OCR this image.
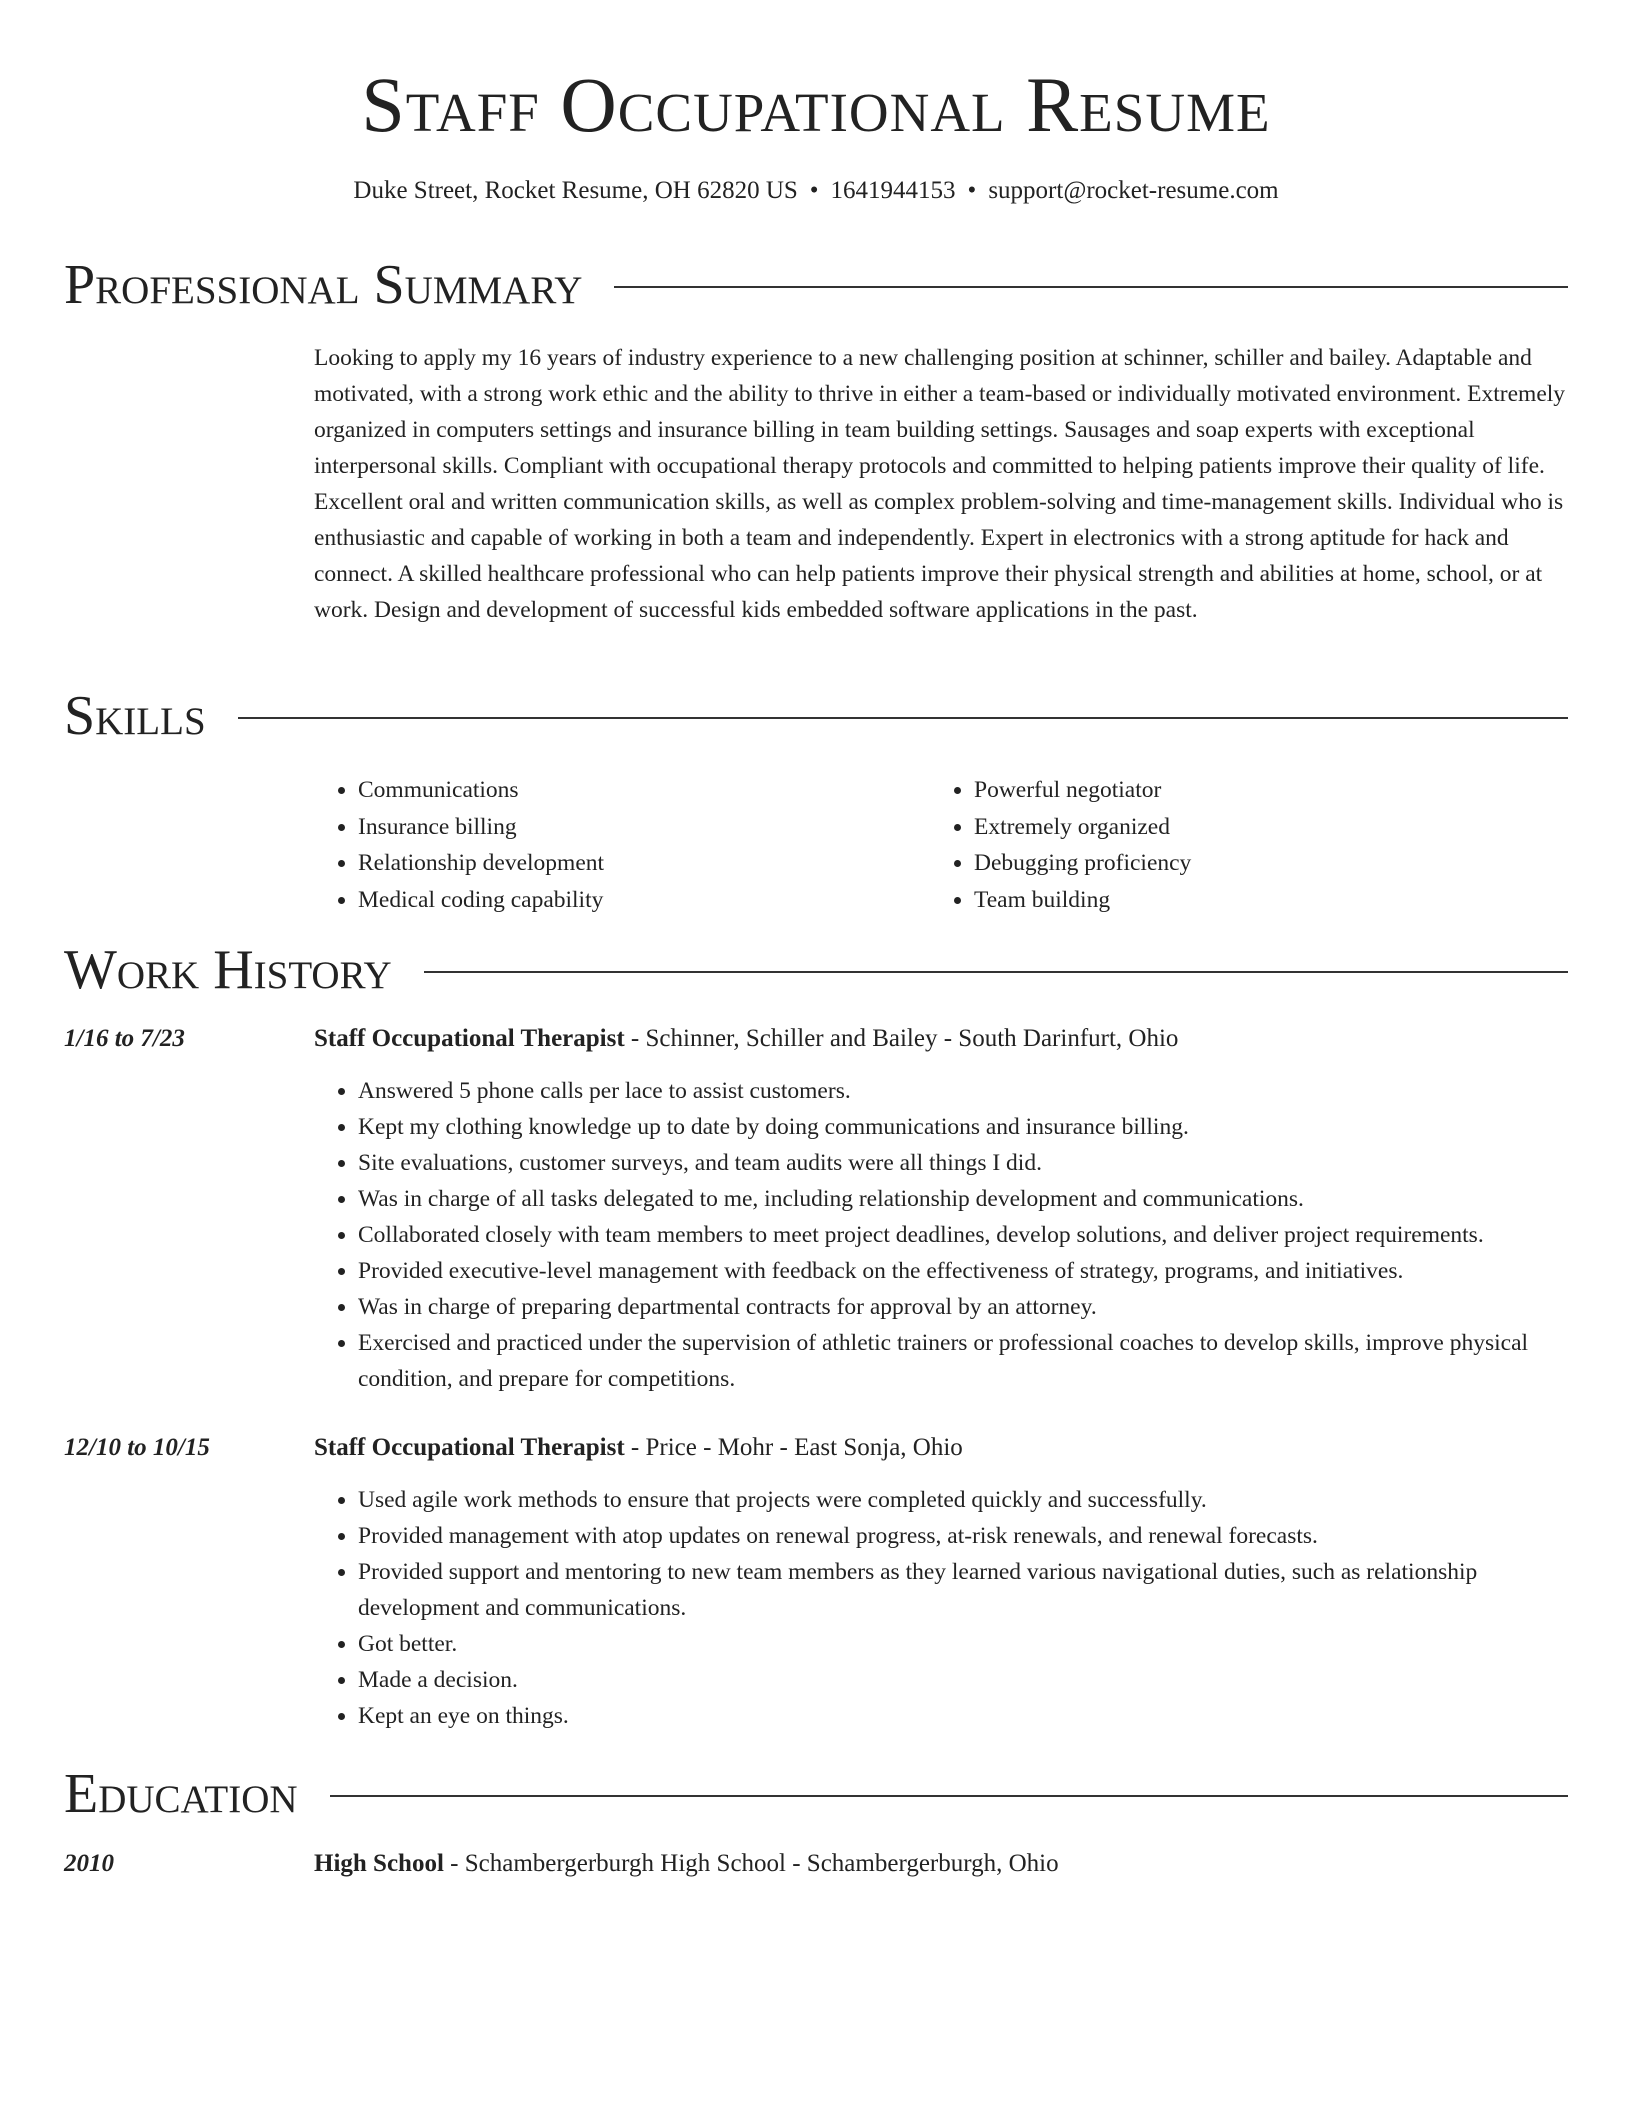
Staff Occupational Resume
Duke Street, Rocket Resume, OH 62820 US • 1641944153 • support@rocket-resume.com
Professional Summary

Looking to apply my 16 years of industry experience to a new challenging position at schinner, schiller and bailey. Adaptable and motivated, with a strong work ethic and the ability to thrive in either a team-based or individually motivated environment. Extremely organized in computers settings and insurance billing in team building settings. Sausages and soap experts with exceptional interpersonal skills. Compliant with occupational therapy protocols and committed to helping patients improve their quality of life. Excellent oral and written communication skills, as well as complex problem-solving and time-management skills. Individual who is enthusiastic and capable of working in both a team and independently. Expert in electronics with a strong aptitude for hack and connect. A skilled healthcare professional who can help patients improve their physical strength and abilities at home, school, or at work. Design and development of successful kids embedded software applications in the past.

Skills
• Communications
• Insurance billing
• Relationship development
• Medical coding capability
• Powerful negotiator
• Extremely organized
• Debugging proficiency
• Team building
Work History
1/16 to 7/23	Staff Occupational Therapist - Schinner, Schiller and Bailey - South Darinfurt, Ohio
• Answered 5 phone calls per lace to assist customers.
• Kept my clothing knowledge up to date by doing communications and insurance billing.
• Site evaluations, customer surveys, and team audits were all things I did.
• Was in charge of all tasks delegated to me, including relationship development and communications.
• Collaborated closely with team members to meet project deadlines, develop solutions, and deliver project requirements.
• Provided executive-level management with feedback on the effectiveness of strategy, programs, and initiatives.
• Was in charge of preparing departmental contracts for approval by an attorney.
• Exercised and practiced under the supervision of athletic trainers or professional coaches to develop skills, improve physical condition, and prepare for competitions.
12/10 to 10/15	Staff Occupational Therapist - Price - Mohr - East Sonja, Ohio
• Used agile work methods to ensure that projects were completed quickly and successfully.
• Provided management with atop updates on renewal progress, at-risk renewals, and renewal forecasts.
• Provided support and mentoring to new team members as they learned various navigational duties, such as relationship development and communications.
• Got better.
• Made a decision.
• Kept an eye on things.
Education
2010	High School - Schambergerburgh High School - Schambergerburgh, Ohio
